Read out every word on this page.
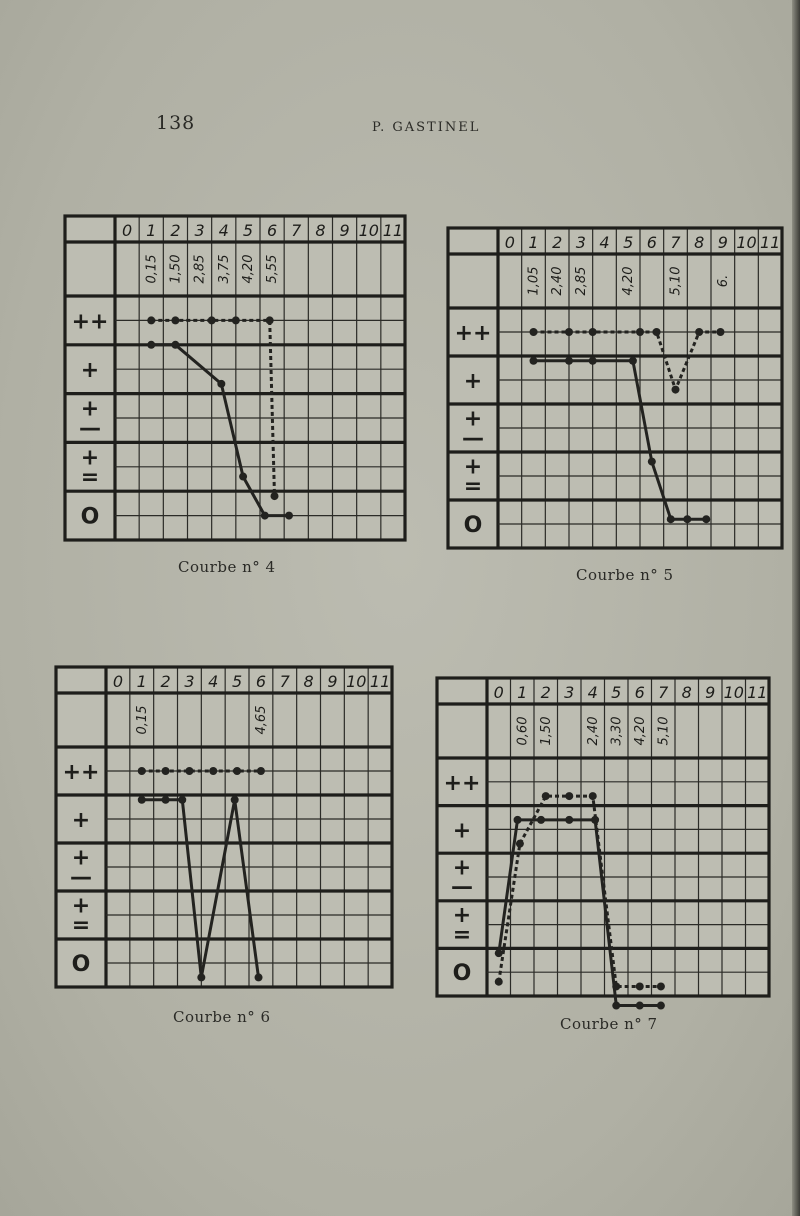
138	P. GASTINEL
0 1 2 3 4 5 6 7 8 9 10 11
0,15 1,50 2,85 3,75 4,20 5,55
++
+
+
—
+
=
O
Courbe n° 4
0 1 2 3 4 5 6 7 8 9 10 11
1,05 2,40 2,85 4,20 5,10 6.
++
+
+
—
+
=
O
Courbe n° 5
0 1 2 3 4 5 6 7 8 9 10 11
0,15	4,65
++
+
+
—
+
=
O
Courbe n° 6
0 1 2 3 4 5 6 7 8 9 10 11
0,60 1,50 2,40 3,30 4,20 5,10
++
+
+
—
+
=
O
Courbe n° 7
